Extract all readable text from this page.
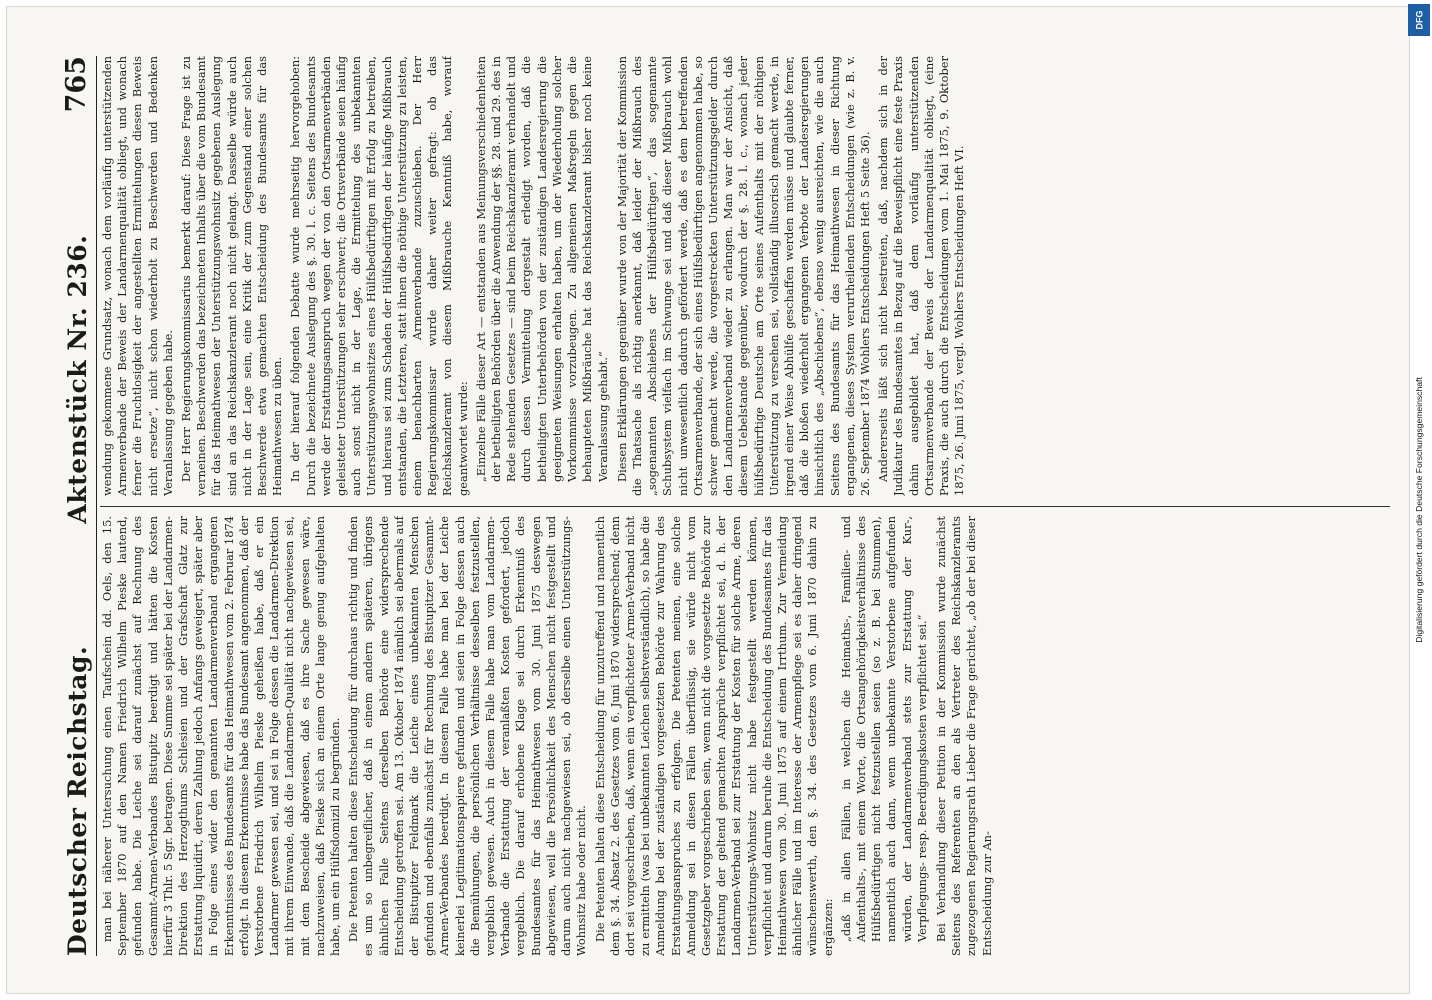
Deutscher Reichstag.
Aktenstück Nr. 236.
765

man bei näherer Untersuchung einen Taufschein dd. Oels, den 15. September 1870 auf den Namen Friedrich Wilhelm Pieske lautend, gefunden habe. Die Leiche sei darauf zunächst auf Rechnung des Gesammt-Armen-Verbandes Bistupitz beerdigt und hätten die Kosten hierfür 3 Thlr. 5 Sgr. betragen. Diese Summe sei später bei der Landarmen-Direktion des Herzogthums Schlesien und der Grafschaft Glatz zur Erstattung liquidirt, deren Zahlung jedoch Anfangs geweigert, später aber in Folge eines wider den genannten Landarmenverband ergangenen Erkenntnisses des Bundesamts für das Heimathwesen vom 2. Februar 1874 erfolgt. In diesem Erkenntnisse habe das Bundesamt angenommen, daß der Verstorbene Friedrich Wilhelm Pieske geheißen habe, daß er ein Landarmer gewesen sei, und sei in Folge dessen die Landarmen-Direktion mit ihrem Einwande, daß die Landarmen-Qualität nicht nachgewiesen sei, mit dem Bescheide abgewiesen, daß es ihre Sache gewesen wäre, nachzuweisen, daß Pieske sich an einem Orte lange genug aufgehalten habe, um ein Hülfsdomizil zu begründen. Die Petenten halten diese Entscheidung für durchaus richtig und finden es um so unbegreiflicher, daß in einem andern späteren, übrigens ähnlichen Falle Seitens derselben Behörde eine widersprechende Entscheidung getroffen sei. Am 13. Oktober 1874 nämlich sei abermals auf der Bistupitzer Feldmark die Leiche eines unbekannten Menschen gefunden und ebenfalls zunächst für Rechnung des Bistupitzer Gesammt-Armen-Verbandes beerdigt. In diesem Falle habe man bei der Leiche keinerlei Legitimationspapiere gefunden und seien in Folge dessen auch die Bemühungen, die persönlichen Verhältnisse desselben festzustellen, vergeblich gewesen. Auch in diesem Falle habe man vom Landarmen-Verbande die Erstattung der veranlaßten Kosten gefordert, jedoch vergeblich. Die darauf erhobene Klage sei durch Erkenntniß des Bundesamtes für das Heimathwesen vom 30. Juni 1875 deswegen abgewiesen, weil die Persönlichkeit des Menschen nicht festgestellt und darum auch nicht nachgewiesen sei, ob derselbe einen Unterstützungs-Wohnsitz habe oder nicht. Die Petenten halten diese Entscheidung für unzutreffend und namentlich dem §. 34. Absatz 2. des Gesetzes vom 6. Juni 1870 widersprechend; denn dort sei vorgeschrieben, daß, wenn ein verpflichteter Armen-Verband nicht zu ermitteln (was bei unbekannten Leichen selbstverständlich), so habe die Anmeldung bei der zuständigen vorgesetzten Behörde zur Wahrung des Erstattungsanspruches zu erfolgen. Die Petenten meinen, eine solche Anmeldung sei in diesen Fällen überflüssig, sie würde nicht vom Gesetzgeber vorgeschrieben sein, wenn nicht die vorgesetzte Behörde zur Erstattung der geltend gemachten Ansprüche verpflichtet sei, d. h. der Landarmen-Verband sei zur Erstattung der Kosten für solche Arme, deren Unterstützungs-Wohnsitz nicht habe festgestellt werden können, verpflichtet und darum beruhe die Entscheidung des Bundesamtes für das Heimathwesen vom 30. Juni 1875 auf einem Irrthum. Zur Vermeidung ähnlicher Fälle und im Interesse der Armenpflege sei es daher dringend wünschenswerth, den §. 34. des Gesetzes vom 6. Juni 1870 dahin zu ergänzen: „daß in allen Fällen, in welchen die Heimaths-, Familien- und Aufenthalts-, mit einem Worte, die Ortsangehörigkeitsverhältnisse des Hülfsbedürftigen nicht festzustellen seien (so z. B. bei Stummen), namentlich auch dann, wenn unbekannte Verstorbene aufgefunden würden, der Landarmenverband stets zur Erstattung der Kur-, Verpflegungs- resp. Beerdigungskosten verpflichtet sei.“ Bei Verhandlung dieser Petition in der Kommission wurde zunächst Seitens des Referenten an den als Vertreter des Reichskanzleramts zugezogenen Regierungsrath Lieber die Frage gerichtet, „ob der bei dieser Entscheidung zur An-

wendung gekommene Grundsatz, wonach dem vorläufig unterstützenden Armenverbande der Beweis der Landarmenqualität obliegt, und wonach ferner die Fruchtlosigkeit der angestellten Ermittelungen diesen Beweis nicht ersetze“, nicht schon wiederholt zu Beschwerden und Bedenken Veranlassung gegeben habe. Der Herr Regierungskommissarius bemerkt darauf: Diese Frage ist zu verneinen. Beschwerden das bezeichneten Inhalts über die vom Bundesamt für das Heimathwesen der Unterstützungswohnsitz gegebenen Auslegung sind an das Reichskanzleramt noch nicht gelangt. Dasselbe würde auch nicht in der Lage sein, eine Kritik der zum Gegenstand einer solchen Beschwerde etwa gemachten Entscheidung des Bundesamts für das Heimathwesen zu üben. In der hierauf folgenden Debatte wurde mehrseitig hervorgehoben: Durch die bezeichnete Auslegung des §. 30. l. c. Seitens des Bundesamts werde der Erstattungsanspruch wegen der von den Ortsarmenverbänden geleisteter Unterstützungen sehr erschwert; die Ortsverbände seien häufig auch sonst nicht in der Lage, die Ermittelung des unbekannten Unterstützungswohnsitzes eines Hülfsbedürftigen mit Erfolg zu betreiben, und hieraus sei zum Schaden der Hülfsbedürftigen der häufige Mißbrauch entstanden, die Letzteren, statt ihnen die nöthige Unterstützung zu leisten, einem benachbarten Armenverbande zuzuschieben. Der Herr Regierungskommissar wurde daher weiter gefragt: ob das Reichskanzleramt von diesem Mißbrauche Kenntniß habe, worauf geantwortet wurde: „Einzelne Fälle dieser Art — entstanden aus Meinungsverschiedenheiten der betheiligten Behörden über die Anwendung der §§. 28. und 29. des in Rede stehenden Gesetzes — sind beim Reichskanzleramt verhandelt und durch dessen Vermittelung dergestalt erledigt worden, daß die betheiligten Unterbehörden von der zuständigen Landesregierung die geeigneten Weisungen erhalten haben, um der Wiederholung solcher Vorkommnisse vorzubeugen. Zu allgemeinen Maßregeln gegen die behaupteten Mißbräuche hat das Reichskanzleramt bisher noch keine Veranlassung gehabt.“ Diesen Erklärungen gegenüber wurde von der Majorität der Kommission die Thatsache als richtig anerkannt, daß leider der Mißbrauch des „sogenannten Abschiebens der Hülfsbedürftigen“, das sogenannte Schubsystem vielfach im Schwunge sei und daß dieser Mißbrauch wohl nicht unwesentlich dadurch gefördert werde, daß es dem betreffenden Ortsarmenverbande, der sich eines Hülfsbedürftigen angenommen habe, so schwer gemacht werde, die vorgestreckten Unterstützungsgelder durch den Landarmenverband wieder zu erlangen. Man war der Ansicht, daß diesem Uebelstande gegenüber, wodurch der §. 28. l. c., wonach jeder hülfsbedürftige Deutsche am Orte seines Aufenthalts mit der nöthigen Unterstützung zu versehen sei, vollständig illusorisch gemacht werde, in irgend einer Weise Abhülfe geschaffen werden müsse und glaubte ferner, daß die bloßen wiederholt ergangenen Verbote der Landesregierungen hinsichtlich des „Abschiebens“, ebenso wenig ausreichten, wie die auch Seitens des Bundesamts für das Heimathwesen in dieser Richtung ergangenen, dieses System verurtheilenden Entscheidungen (wie z. B. v. 26. September 1874 Wohlers Entscheidungen Heft 5 Seite 36). Andererseits läßt sich nicht bestreiten, daß, nachdem sich in der Judikatur des Bundesamtes in Bezug auf die Beweispflicht eine feste Praxis dahin ausgebildet hat, daß dem vorläufig unterstützenden Ortsarmenverbande der Beweis der Landarmenqualität obliegt, (eine Praxis, die auch durch die Entscheidungen vom 1. Mai 1875, 9. Oktober 1875, 26. Juni 1875, vergl. Wohlers Entscheidungen Heft VI.

Digitalisierung gefördert durch die Deutsche Forschungsgemeinschaft
DFG
